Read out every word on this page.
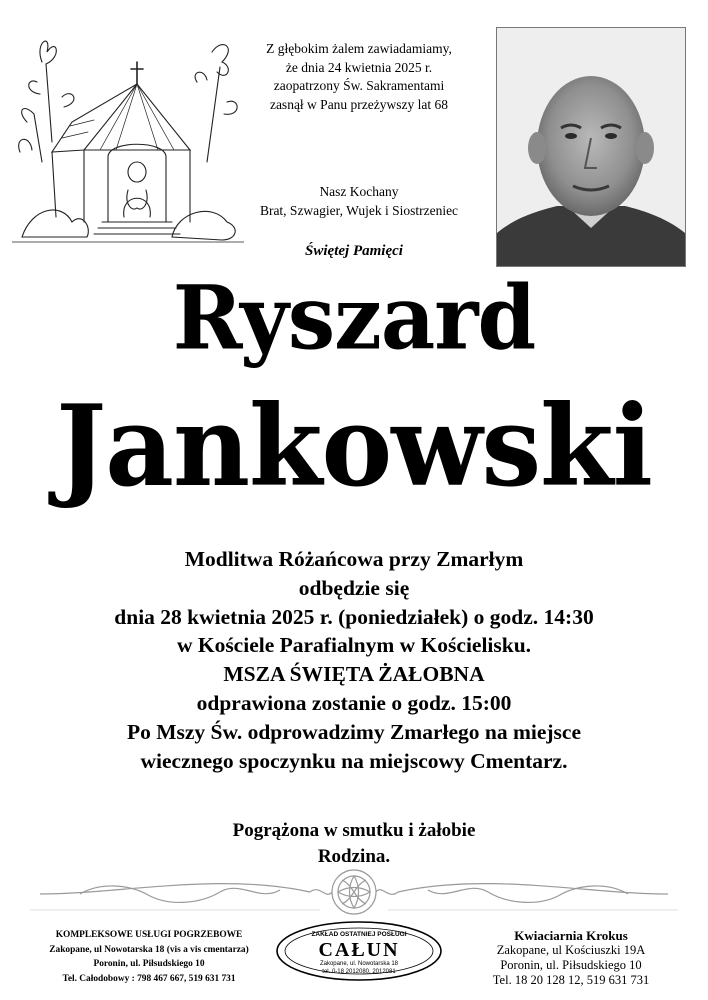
Z głębokim żalem zawiadamiamy,
że dnia 24 kwietnia 2025 r.
zaopatrzony Św. Sakramentami
zasnął w Panu przeżywszy lat 68
Nasz Kochany
Brat, Szwagier, Wujek i Siostrzeniec
Świętej Pamięci
Ryszard
Jankowski
Modlitwa Różańcowa przy Zmarłym
odbędzie się
dnia 28 kwietnia 2025 r. (poniedziałek) o godz. 14:30
w Kościele Parafialnym w Kościelisku.
MSZA ŚWIĘTA ŻAŁOBNA
odprawiona zostanie o godz. 15:00
Po Mszy Św. odprowadzimy Zmarłego na miejsce
wiecznego spoczynku na miejscowy Cmentarz.
Pogrążona w smutku i żałobie
Rodzina.
KOMPLEKSOWE USŁUGI POGRZEBOWE
Zakopane, ul Nowotarska 18 (vis a vis cmentarza)
Poronin, ul. Piłsudskiego 10
Tel. Całodobowy : 798 467 667, 519 631 731
ZAKŁAD OSTATNIEJ POSŁUGI
CAŁUN
Zakopane, ul. Nowotarska 18
tel. 0-18 2012080, 2012081
Kwiaciarnia Krokus
Zakopane, ul Kościuszki 19A
Poronin, ul. Piłsudskiego 10
Tel. 18 20 128 12, 519 631 731
